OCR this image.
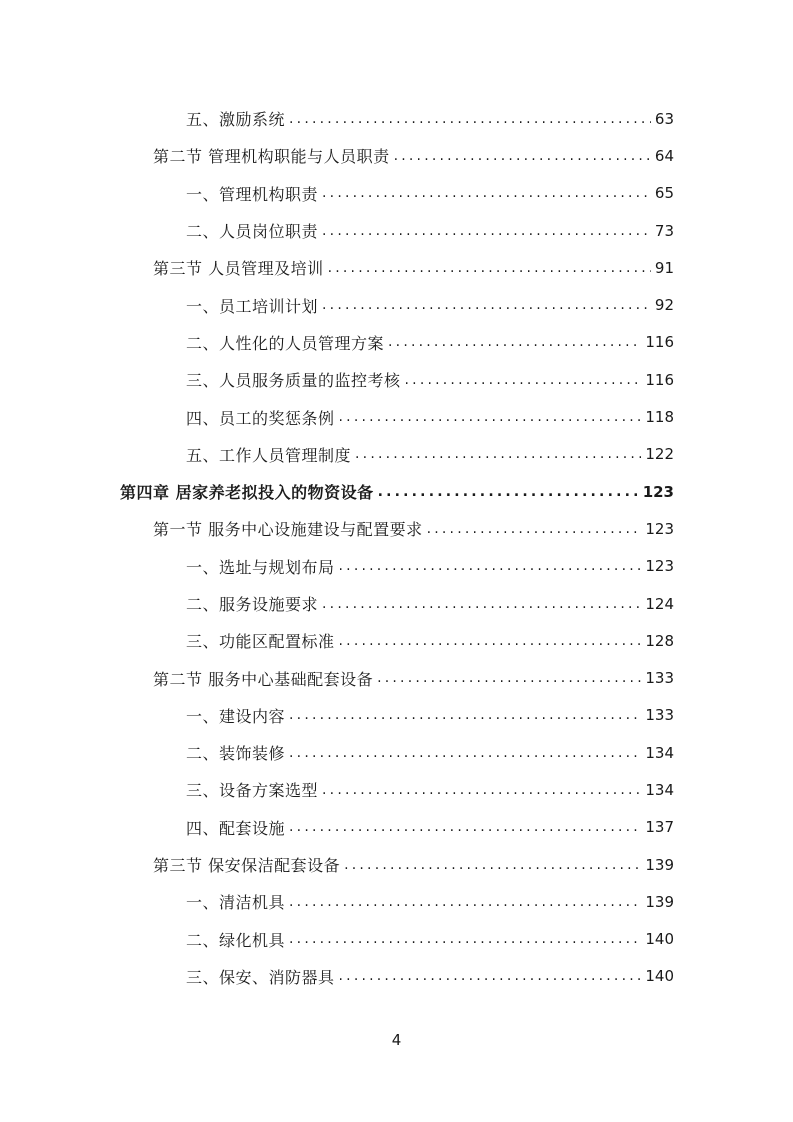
五、激励系统 .....	63
第二节 管理机构职能与人员职责 .....	64
一、管理机构职责 .....	65
二、人员岗位职责 .....	73
第三节 人员管理及培训 .....	91
一、员工培训计划 .....	92
二、人性化的人员管理方案 .....	116
三、人员服务质量的监控考核 .....	116
四、员工的奖惩条例 .....	118
五、工作人员管理制度 .....	122
第四章 居家养老拟投入的物资设备 .....	123
第一节 服务中心设施建设与配置要求 .....	123
一、选址与规划布局 .....	123
二、服务设施要求 .....	124
三、功能区配置标准 .....	128
第二节 服务中心基础配套设备 .....	133
一、建设内容 .....	133
二、装饰装修 .....	134
三、设备方案选型 .....	134
四、配套设施 .....	137
第三节 保安保洁配套设备 .....	139
一、清洁机具 .....	139
二、绿化机具 .....	140
三、保安、消防器具 .....	140
4
